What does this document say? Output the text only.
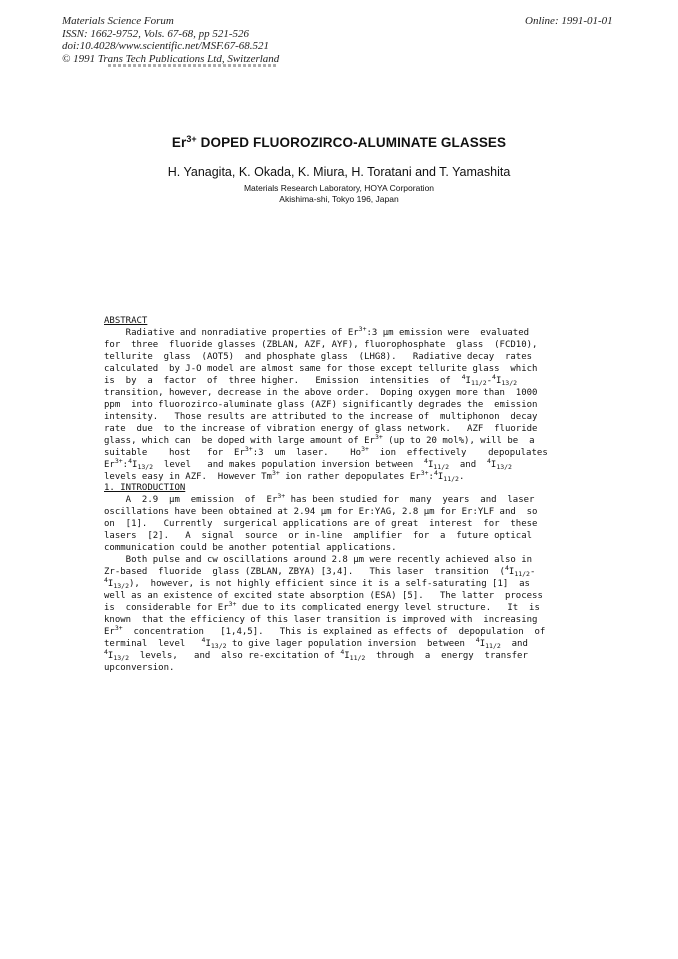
Materials Science Forum
ISSN: 1662-9752, Vols. 67-68, pp 521-526
doi:10.4028/www.scientific.net/MSF.67-68.521
© 1991 Trans Tech Publications Ltd, Switzerland
Online: 1991-01-01
$Er^{3+}$ DOPED FLUOROZIRCO-ALUMINATE GLASSES
H. Yanagita, K. Okada, K. Miura, H. Toratani and T. Yamashita
Materials Research Laboratory, HOYA Corporation
Akishima-shi, Tokyo 196, Japan
ABSTRACT
Radiative and nonradiative properties of $Er^{3+}:3$ µm emission were  evaluated
for  three  fluoride glasses (ZBLAN, AZF, AYF), fluorophosphate  glass  (FCD10),
tellurite  glass  (AOT5)  and phosphate glass  (LHG8).   Radiative decay  rates
calculated  by J-O model are almost same for those except tellurite glass  which
is  by  a  factor  of  three higher.   Emission  intensities  of  $^4I_{11/2}-^4I_{13/2}$
transition, however, decrease in the above order.  Doping oxygen more than  1000
ppm  into fluorozirco-aluminate glass (AZF) significantly degrades the  emission
intensity.   Those results are attributed to the increase of  multiphonon  decay
rate  due  to the increase of vibration energy of glass network.   AZF  fluoride
glass, which can  be doped with large amount of $Er^{3+}$ (up to 20 mol%), will be  a
suitable    host   for  $Er^{3+}:3$  um  laser.    $Ho^{3+}$  ion  effectively    depopulates
$Er^{3+}:^4I_{13/2}$  level   and makes population inversion between  $^4I_{11/2}$  and  $^4I_{13/2}$
levels easy in AZF.  However $Tm^{3+}$ ion rather depopulates $Er^{3+}:^4I_{11/2}$.
1. INTRODUCTION
A  2.9  µm  emission  of  $Er^{3+}$ has been studied for  many  years  and  laser
oscillations have been obtained at 2.94 µm for Er:YAG, 2.8 µm for Er:YLF and  so
on  [1].   Currently  surgerical applications are of great  interest  for  these
lasers  [2].   A  signal  source  or in-line  amplifier  for  a  future optical
communication could be another potential applications.
Both pulse and cw oscillations around 2.8 µm were recently achieved also in
Zr-based  fluoride  glass (ZBLAN, ZBYA) [3,4].   This laser  transition  ($^4I_{11/2}-$
$^4I_{13/2}$),  however, is not highly efficient since it is a self-saturating [1]  as
well as an existence of excited state absorption (ESA) [5].   The latter  process
is  considerable for $Er^{3+}$ due to its complicated energy level structure.   It  is
known  that the efficiency of this laser transition is improved with  increasing
$Er^{3+}$  concentration   [1,4,5].   This is explained as effects of  depopulation  of
terminal  level   $^4I_{13/2}$ to give lager population inversion  between  $^4I_{11/2}$  and
$^4I_{13/2}$  levels,   and  also re-excitation of $^4I_{11/2}$  through  a  energy  transfer
upconversion.
